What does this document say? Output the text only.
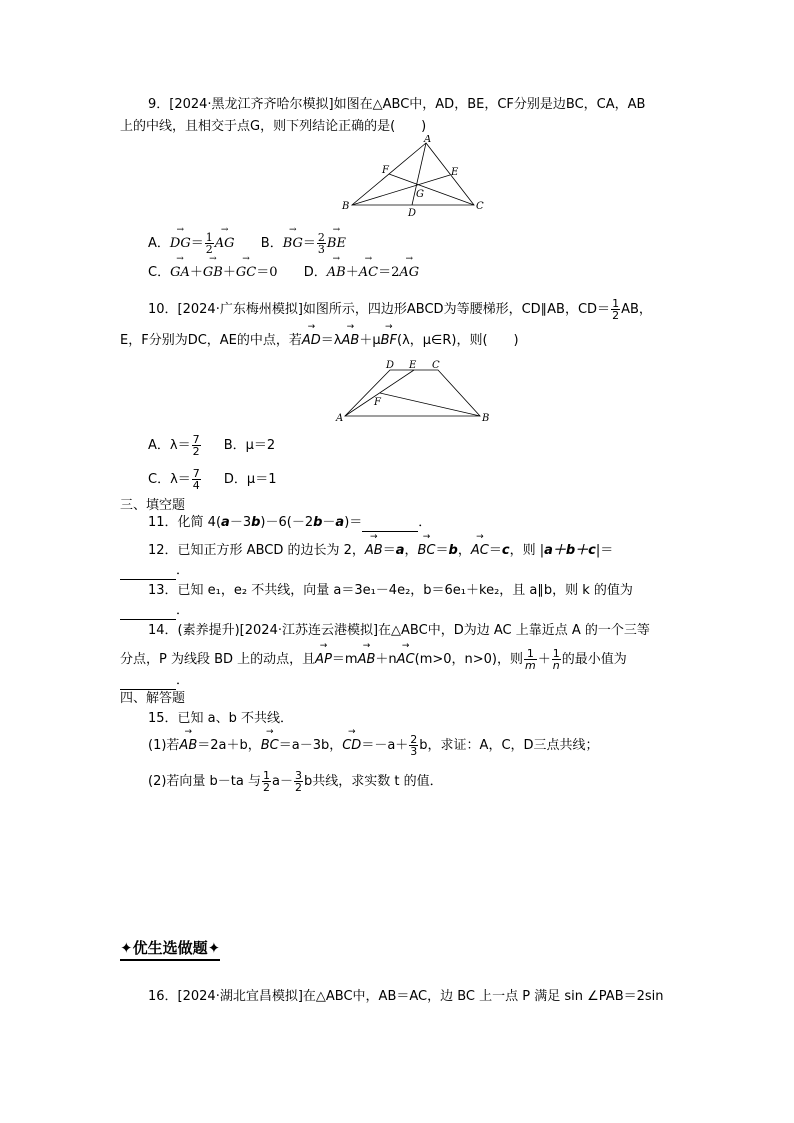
9．[2024·黑龙江齐齐哈尔模拟]如图在△ABC中，AD，BE，CF分别是边BC，CA，AB
上的中线，且相交于点G，则下列结论正确的是(　　)
A
B	C
D
E
F
G
A．→ $DG= \frac{1}{2}$ → AG B．→ $BG= \frac{2}{3}$ → BE
C．→ GA＋→ GB＋→ GC＝0 D．→ AB＋→ AC＝2→ AG
10．[2024·广东梅州模拟]如图所示，四边形ABCD为等腰梯形，CD∥AB，$CD= \frac{1}{2}$ AB，
E，F分别为DC，AE的中点，若→ AD＝λ→ AB＋μ→ BF(λ，μ∈R)，则(　　)
D E C
A	B
F
A．$\lambda= \frac{7}{2}$ B．μ＝2
C．$\lambda= \frac{7}{4}$ D．μ＝1
三、填空题
11．化简 4(a－3b)－6(－2b－a)＝	．
12．已知正方形 ABCD 的边长为 2，→ AB＝a，→ BC＝b，→ AC＝c，则 |a＋b＋c|＝
．
13．已知 e₁，e₂ 不共线，向量 a＝3e₁－4e₂，b＝6e₁＋ke₂，且 a∥b，则 k 的值为
．
14．(素养提升)[2024·江苏连云港模拟]在△ABC中，D为边 AC 上靠近点 A 的一个三等
分点，P 为线段 BD 上的动点，且→ AP＝m→ AB＋n→ AC(m>0，n>0)，则 $\frac{1}{m} + \frac{1}{n}$ 的最小值为
．
四、解答题
15．已知 a、b 不共线．
(1)若→ AB＝2a＋b，→ BC＝a－3b，→ $CD=-a+ \frac{2}{3}$ b，求证：A，C，D三点共线；
(2)若向量 b－ta 与 $\frac{1}{2} a- \frac{3}{2}$ b共线，求实数 t 的值．
✦优生选做题✦
16．[2024·湖北宜昌模拟]在△ABC中，AB＝AC，边 BC 上一点 P 满足 sin ∠PAB＝2sin
